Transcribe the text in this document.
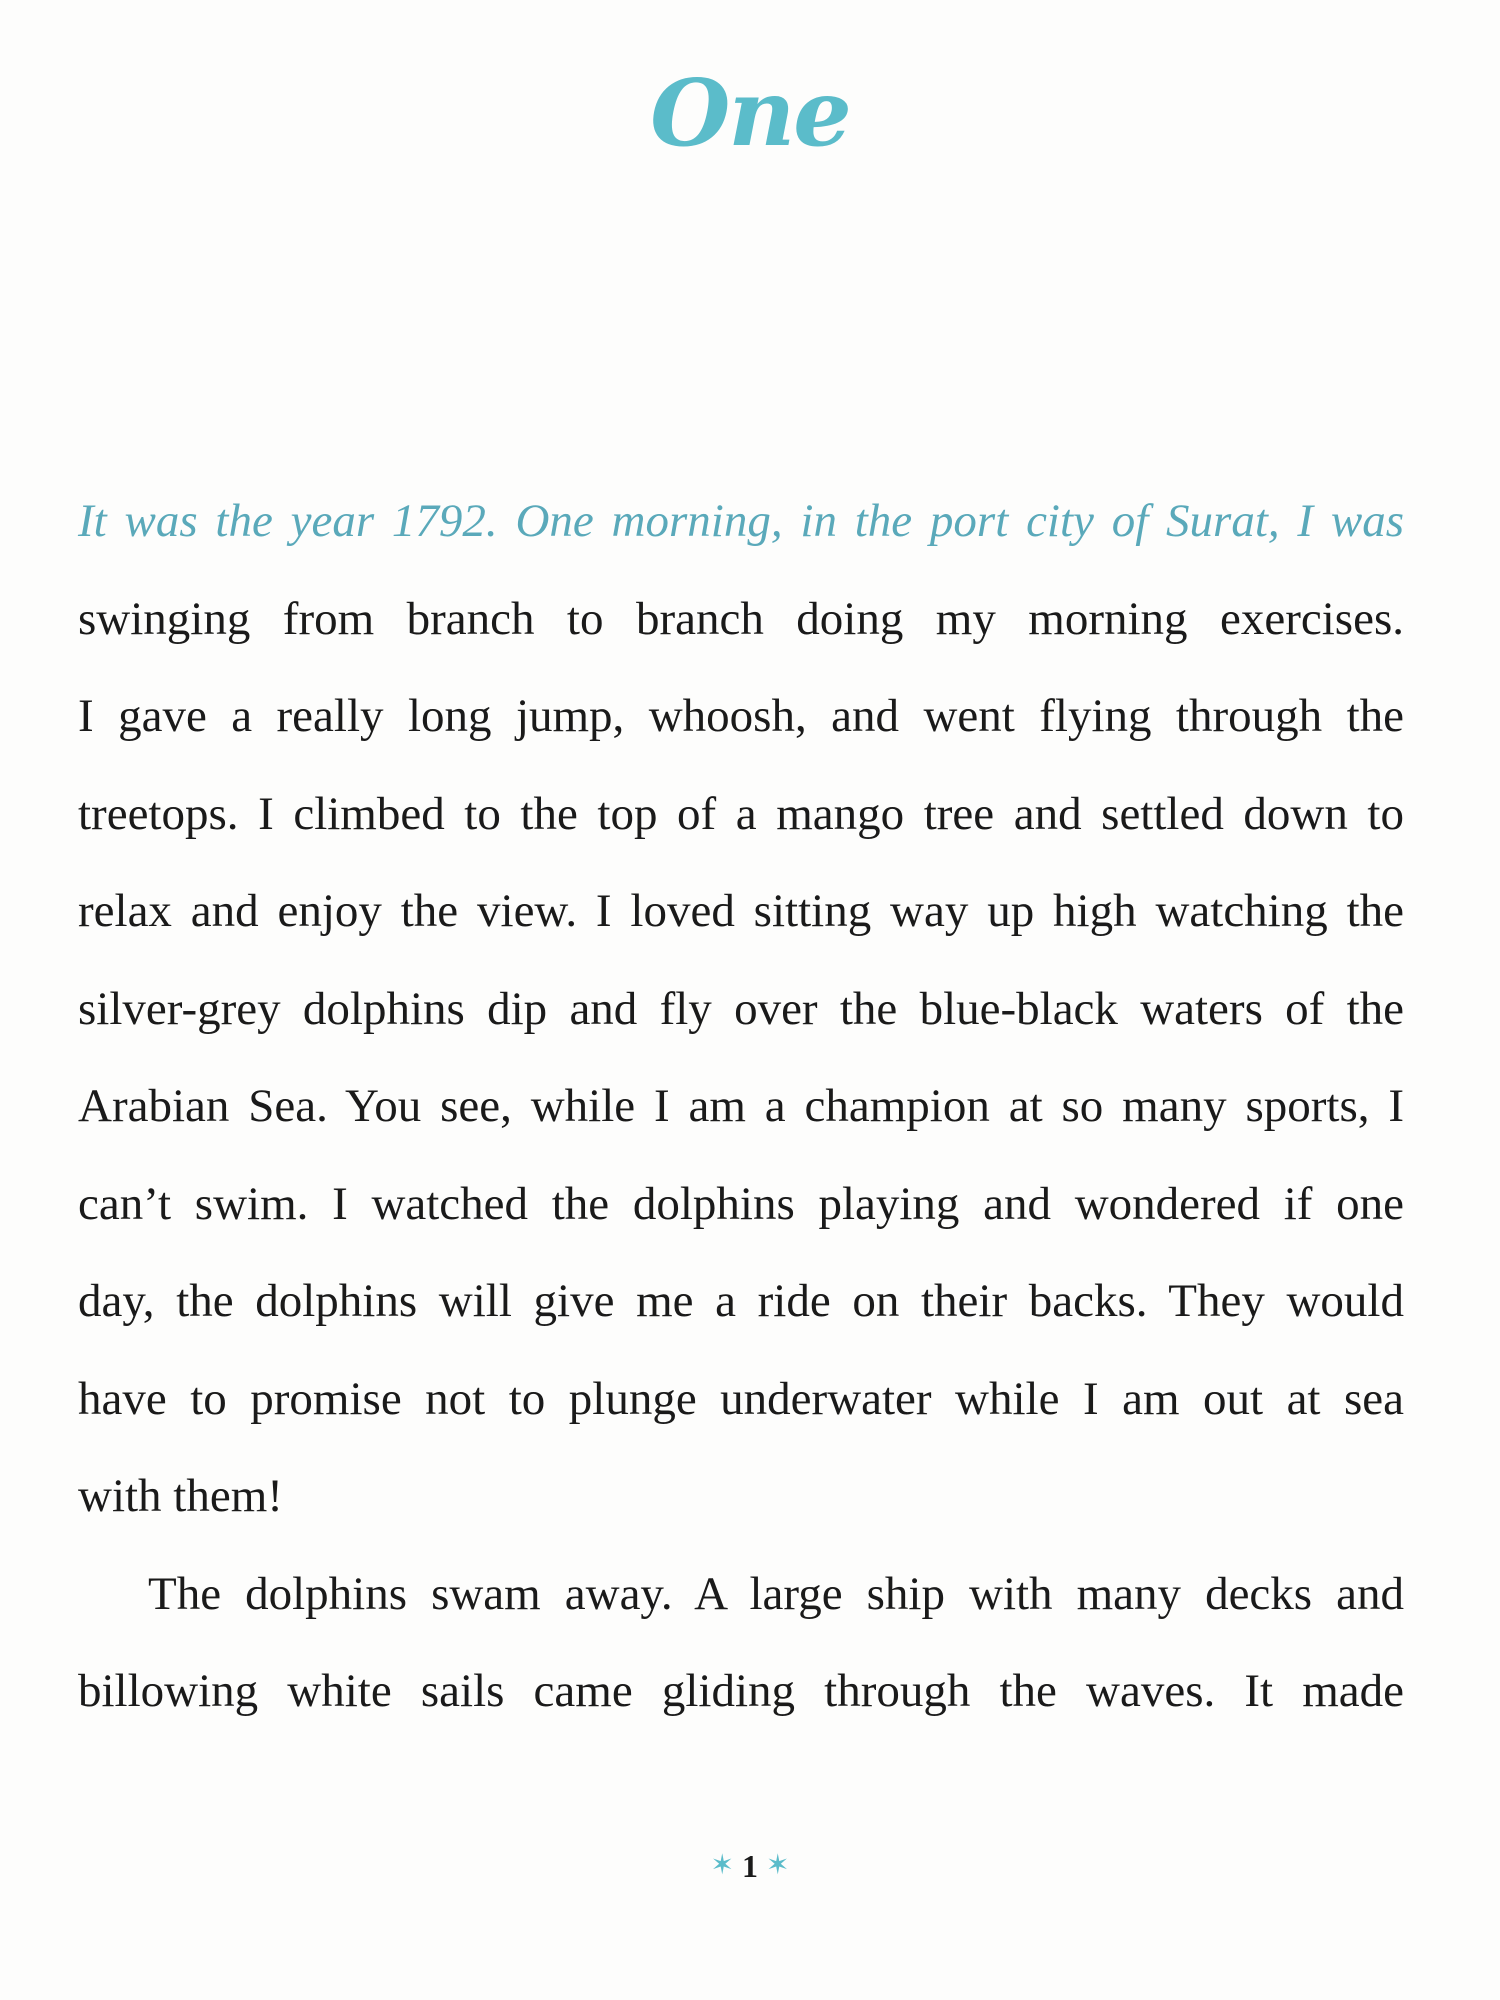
One
It was the year 1792. One morning, in the port city of Surat, I was
swinging from branch to branch doing my morning exercises.
I gave a really long jump, whoosh, and went flying through the
treetops. I climbed to the top of a mango tree and settled down to
relax and enjoy the view. I loved sitting way up high watching the
silver-grey dolphins dip and fly over the blue-black waters of the
Arabian Sea. You see, while I am a champion at so many sports, I
can’t swim. I watched the dolphins playing and wondered if one
day, the dolphins will give me a ride on their backs. They would
have to promise not to plunge underwater while I am out at sea
with them!
The dolphins swam away. A large ship with many decks and
billowing white sails came gliding through the waves. It made
✶ 1 ✶
